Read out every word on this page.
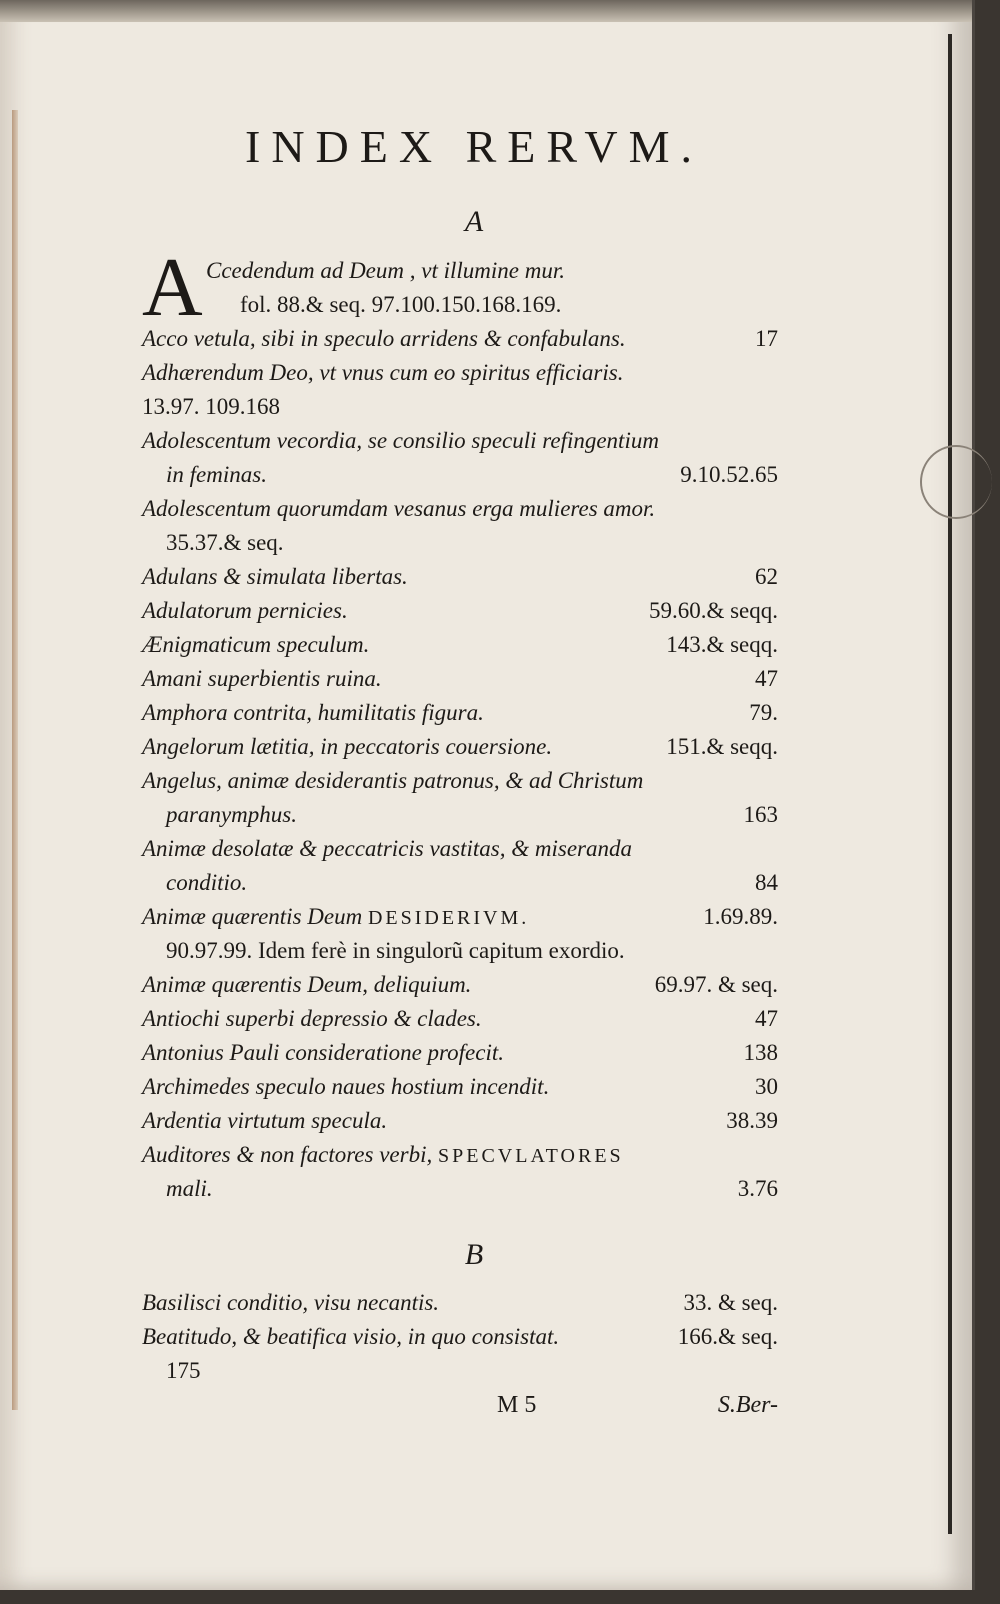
INDEX RERVM.
A
A Ccedendum ad Deum , vt illumine mur.
fol. 88.& seq. 97.100.150.168.169.
Acco vetula, sibi in speculo arridens & confabulans.	17
Adhærendum Deo, vt vnus cum eo spiritus efficiaris.
13.97. 109.168
Adolescentum vecordia, se consilio speculi refingentium
in feminas.	9.10.52.65
Adolescentum quorumdam vesanus erga mulieres amor.
35.37.& seq.
Adulans & simulata libertas.	62
Adulatorum pernicies.	59.60.& seqq.
Ænigmaticum speculum.	143.& seqq.
Amani superbientis ruina.	47
Amphora contrita, humilitatis figura.	79.
Angelorum lætitia, in peccatoris couersione.	151.& seqq.
Angelus, animæ desiderantis patronus, & ad Christum
paranymphus.	163
Animæ desolatæ & peccatricis vastitas, & miseranda
conditio.	84
Animæ quærentis Deum DESIDERIVM.	1.69.89.
90.97.99. Idem ferè in singulorũ capitum exordio.
Animæ quærentis Deum, deliquium.	69.97. & seq.
Antiochi superbi depressio & clades.	47
Antonius Pauli consideratione profecit.	138
Archimedes speculo naues hostium incendit.	30
Ardentia virtutum specula.	38.39
Auditores & non factores verbi, SPECVLATORES
mali.	3.76
B
Basilisci conditio, visu necantis.	33. & seq.
Beatitudo, & beatifica visio, in quo consistat.	166.& seq.
175
M 5	S.Ber-
